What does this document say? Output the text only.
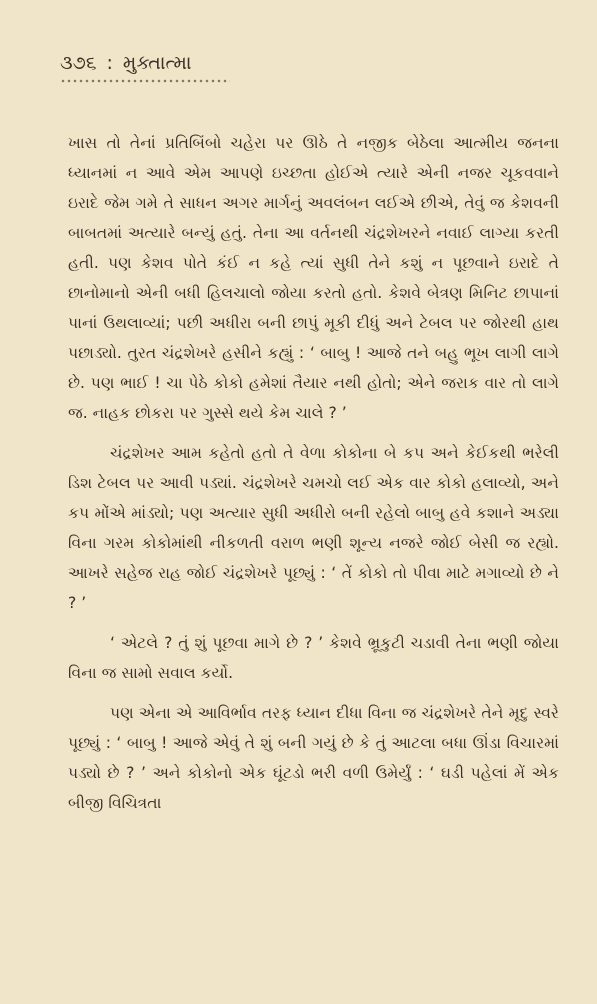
૩૭૬ : મુક્તાત્મા

ખાસ તો તેનાં પ્રતિબિંબો ચહેરા પર ઊઠે તે નજીક બેઠેલા આત્મીય જનના ધ્યાનમાં ન આવે એમ આપણે ઇચ્છતા હોઈએ ત્યારે એની નજર ચૂકવવાને ઇરાદે જેમ ગમે તે સાધન અગર માર્ગનું અવલંબન લઈએ છીએ, તેવું જ કેશવની બાબતમાં અત્યારે બન્યું હતું. તેના આ વર્તનથી ચંદ્રશેખરને નવાઈ લાગ્યા કરતી હતી. પણ કેશવ પોતે કંઈ ન કહે ત્યાં સુધી તેને કશું ન પૂછવાને ઇરાદે તે છાનોમાનો એની બધી હિલચાલો જોયા કરતો હતો. કેશવે બેત્રણ મિનિટ છાપાનાં પાનાં ઉથલાવ્યાં; પછી અધીરા બની છાપું મૂકી દીધું અને ટેબલ પર જોરથી હાથ પછાડ્યો. તુરત ચંદ્રશેખરે હસીને કહ્યું : ‘ બાબુ ! આજે તને બહુ ભૂખ લાગી લાગે છે. પણ ભાઈ ! ચા પેઠે કોકો હમેશાં તૈયાર નથી હોતો; એને જરાક વાર તો લાગે જ. નાહક છોકરા પર ગુસ્સે થયે કેમ ચાલે ? ’

ચંદ્રશેખર આમ કહેતો હતો તે વેળા કોકોના બે કપ અને કેઈકથી ભરેલી ડિશ ટેબલ પર આવી પડ્યાં. ચંદ્રશેખરે ચમચો લઈ એક વાર કોકો હલાવ્યો, અને કપ મોંએ માંડ્યો; પણ અત્યાર સુધી અધીરો બની રહેલો બાબુ હવે કશાને અડ્યા વિના ગરમ કોકોમાંથી નીકળતી વરાળ ભણી શૂન્ય નજરે જોઈ બેસી જ રહ્યો. આખરે સહેજ રાહ જોઈ ચંદ્રશેખરે પૂછ્યું : ‘ તેં કોકો તો પીવા માટે મગાવ્યો છે ને ? ’

‘ એટલે ? તું શું પૂછવા માગે છે ? ’ કેશવે ભ્રૂકુટી ચડાવી તેના ભણી જોયા વિના જ સામો સવાલ કર્યો.

પણ એના એ આવિર્ભાવ તરફ ધ્યાન દીધા વિના જ ચંદ્રશેખરે તેને મૃદુ સ્વરે પૂછ્યું : ‘ બાબુ ! આજે એવું તે શું બની ગયું છે કે તું આટલા બધા ઊંડા વિચારમાં પડ્યો છે ? ’ અને કોકોનો એક ઘૂંટડો ભરી વળી ઉમેર્યું : ‘ ઘડી પહેલાં મેં એક બીજી વિચિત્રતા
